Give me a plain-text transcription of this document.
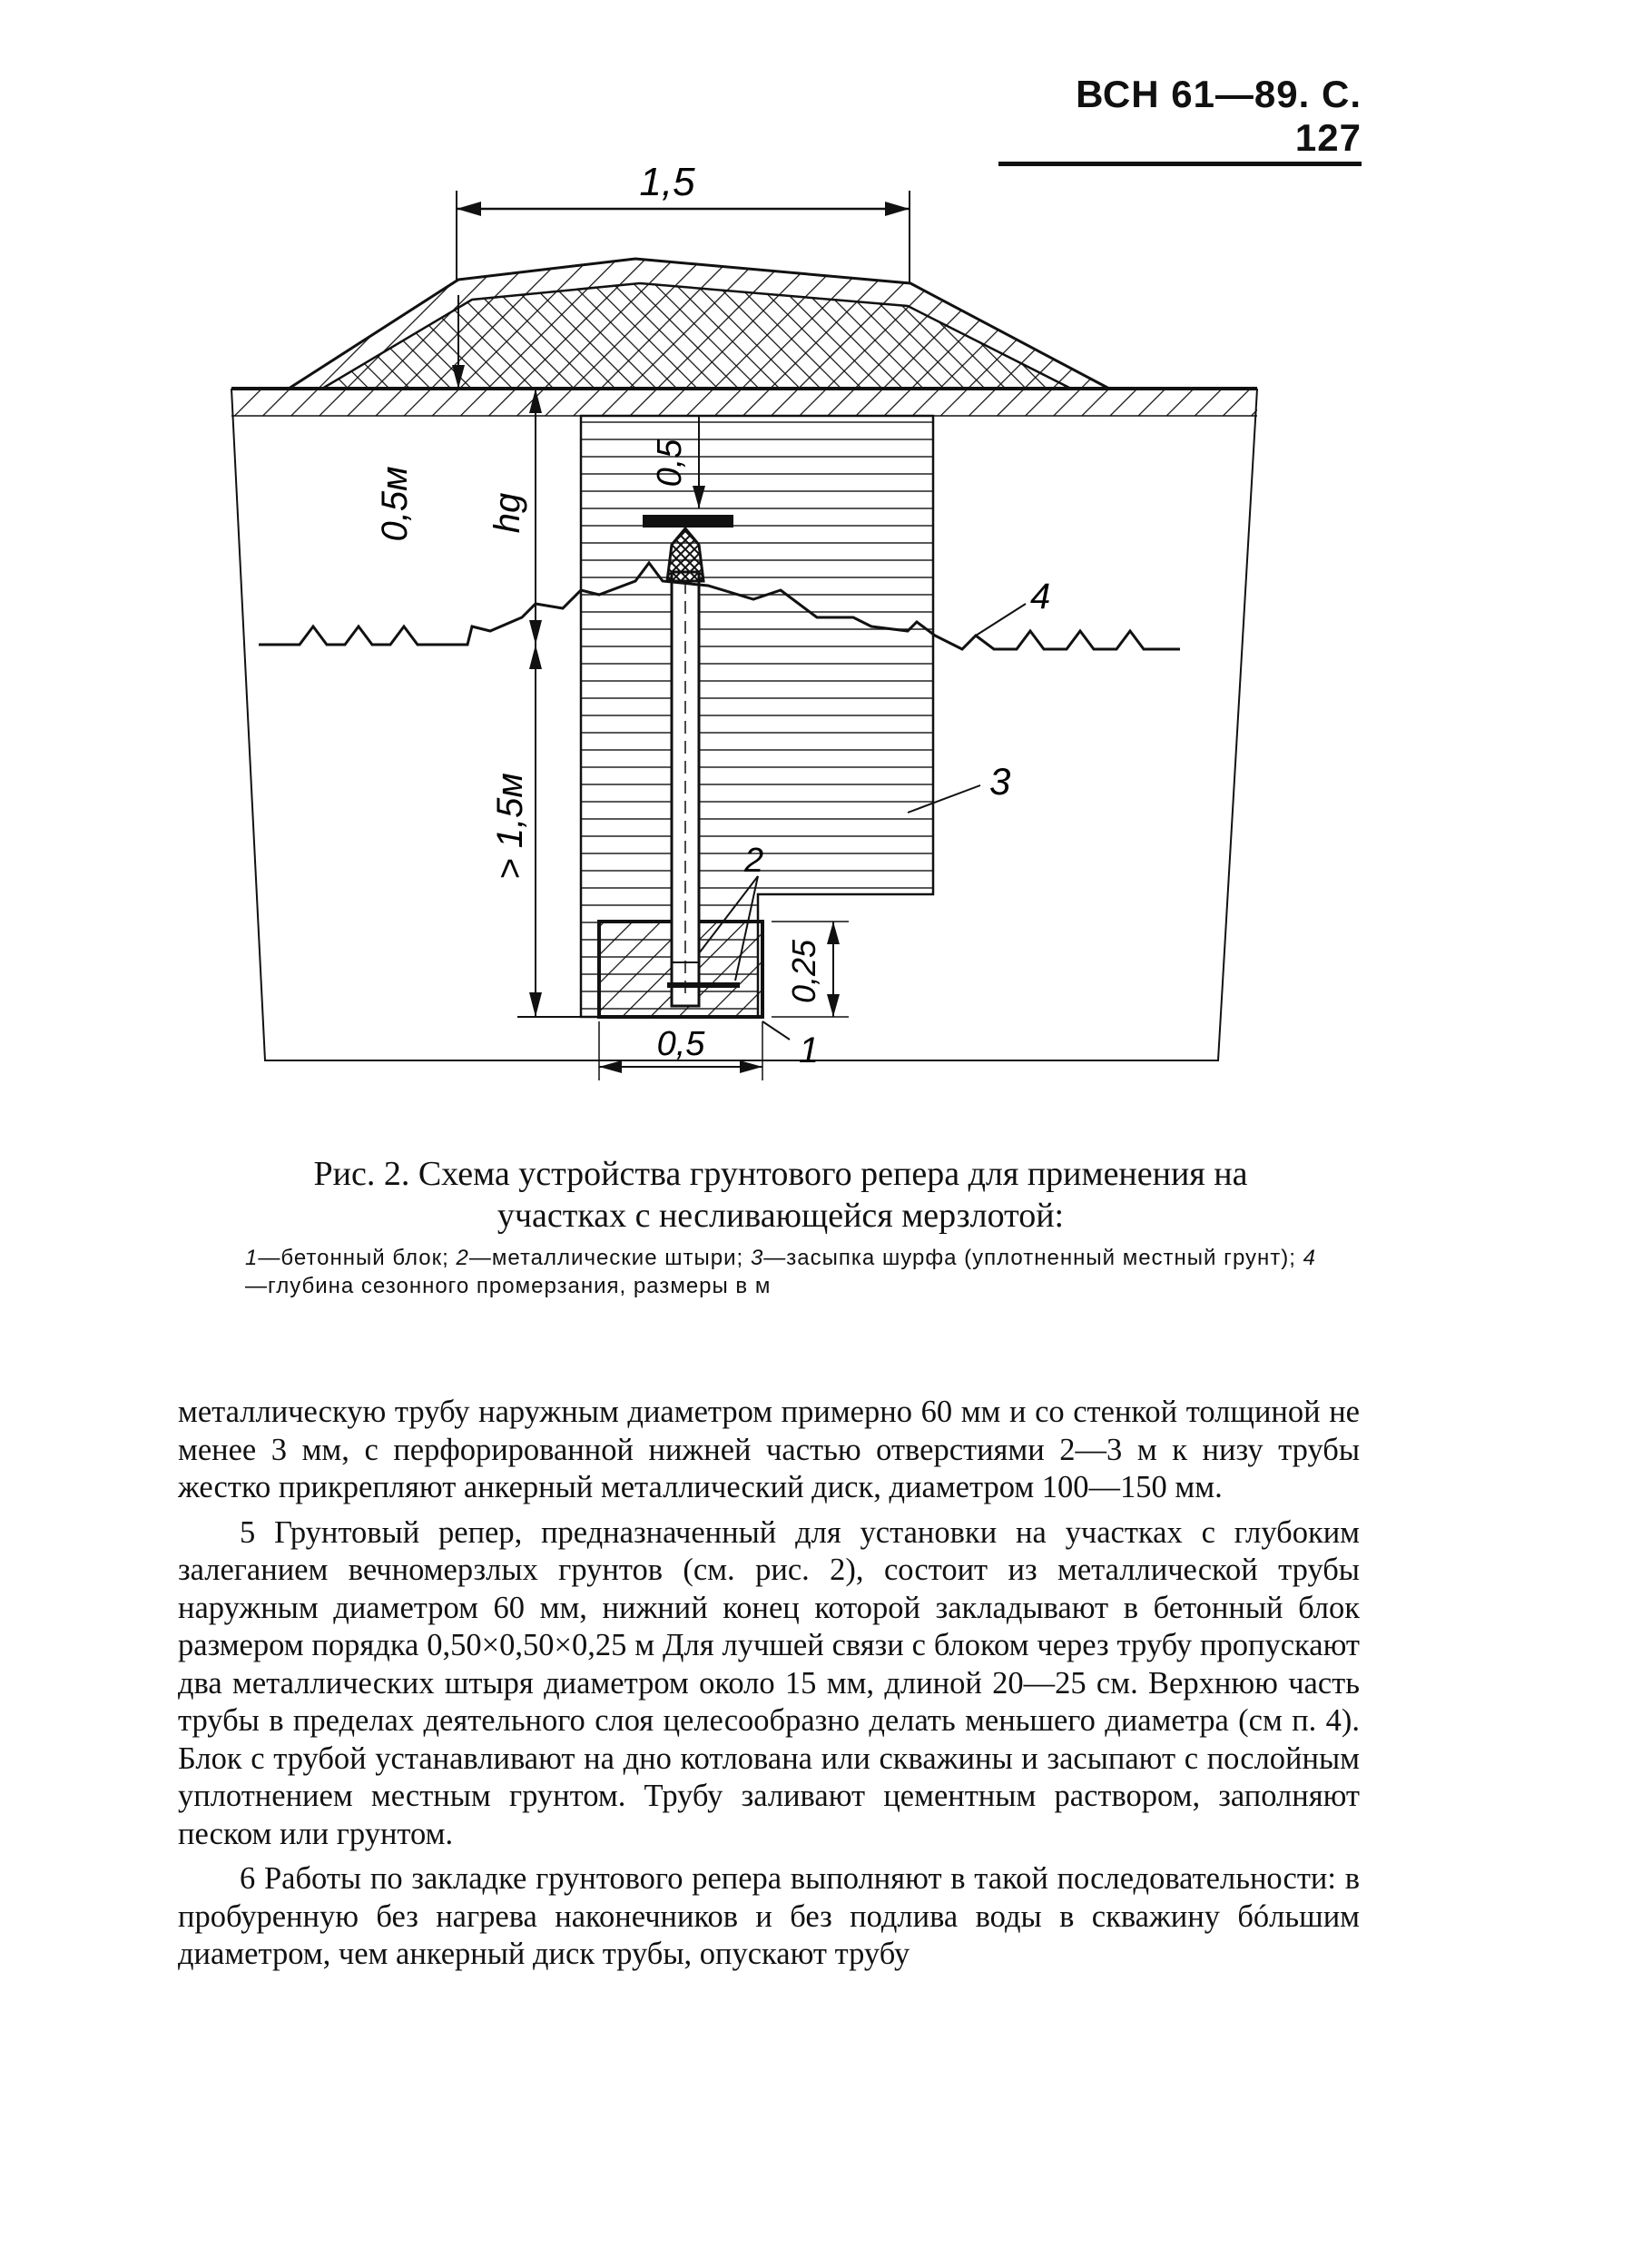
ВСН 61—89. С. 127
1,5
0,5м hg
> 1,5м
0,5
0,25
0,5	1
2
3
4
Рис. 2. Схема устройства грунтового репера для применения на
участках с несливающейся мерзлотой:
1—бетонный блок; 2—металлические штыри; 3—засыпка шурфа (уплотненный местный грунт); 4—глубина сезонного промерзания, размеры в м

металлическую трубу наружным диаметром примерно 60 мм и со стенкой толщиной не менее 3 мм, с перфорированной нижней частью отверстиями 2—3 м к низу трубы жестко прикрепляют анкерный металлический диск, диаметром 100—150 мм.

5 Грунтовый репер, предназначенный для установки на участках с глубоким залеганием вечномерзлых грунтов (см. рис. 2), состоит из металлической трубы наружным диаметром 60 мм, нижний конец которой закладывают в бетонный блок размером порядка 0,50×0,50×0,25 м Для лучшей связи с блоком через трубу пропускают два металлических штыря диаметром около 15 мм, длиной 20—25 см. Верхнюю часть трубы в пределах деятельного слоя целесообразно делать меньшего диаметра (см п. 4). Блок с трубой устанавливают на дно котлована или скважины и засыпают с послойным уплотнением местным грунтом. Трубу заливают цементным раствором, заполняют песком или грунтом.

6 Работы по закладке грунтового репера выполняют в такой последовательности: в пробуренную без нагрева наконечников и без подлива воды в скважину бóльшим диаметром, чем анкерный диск трубы, опускают трубу
